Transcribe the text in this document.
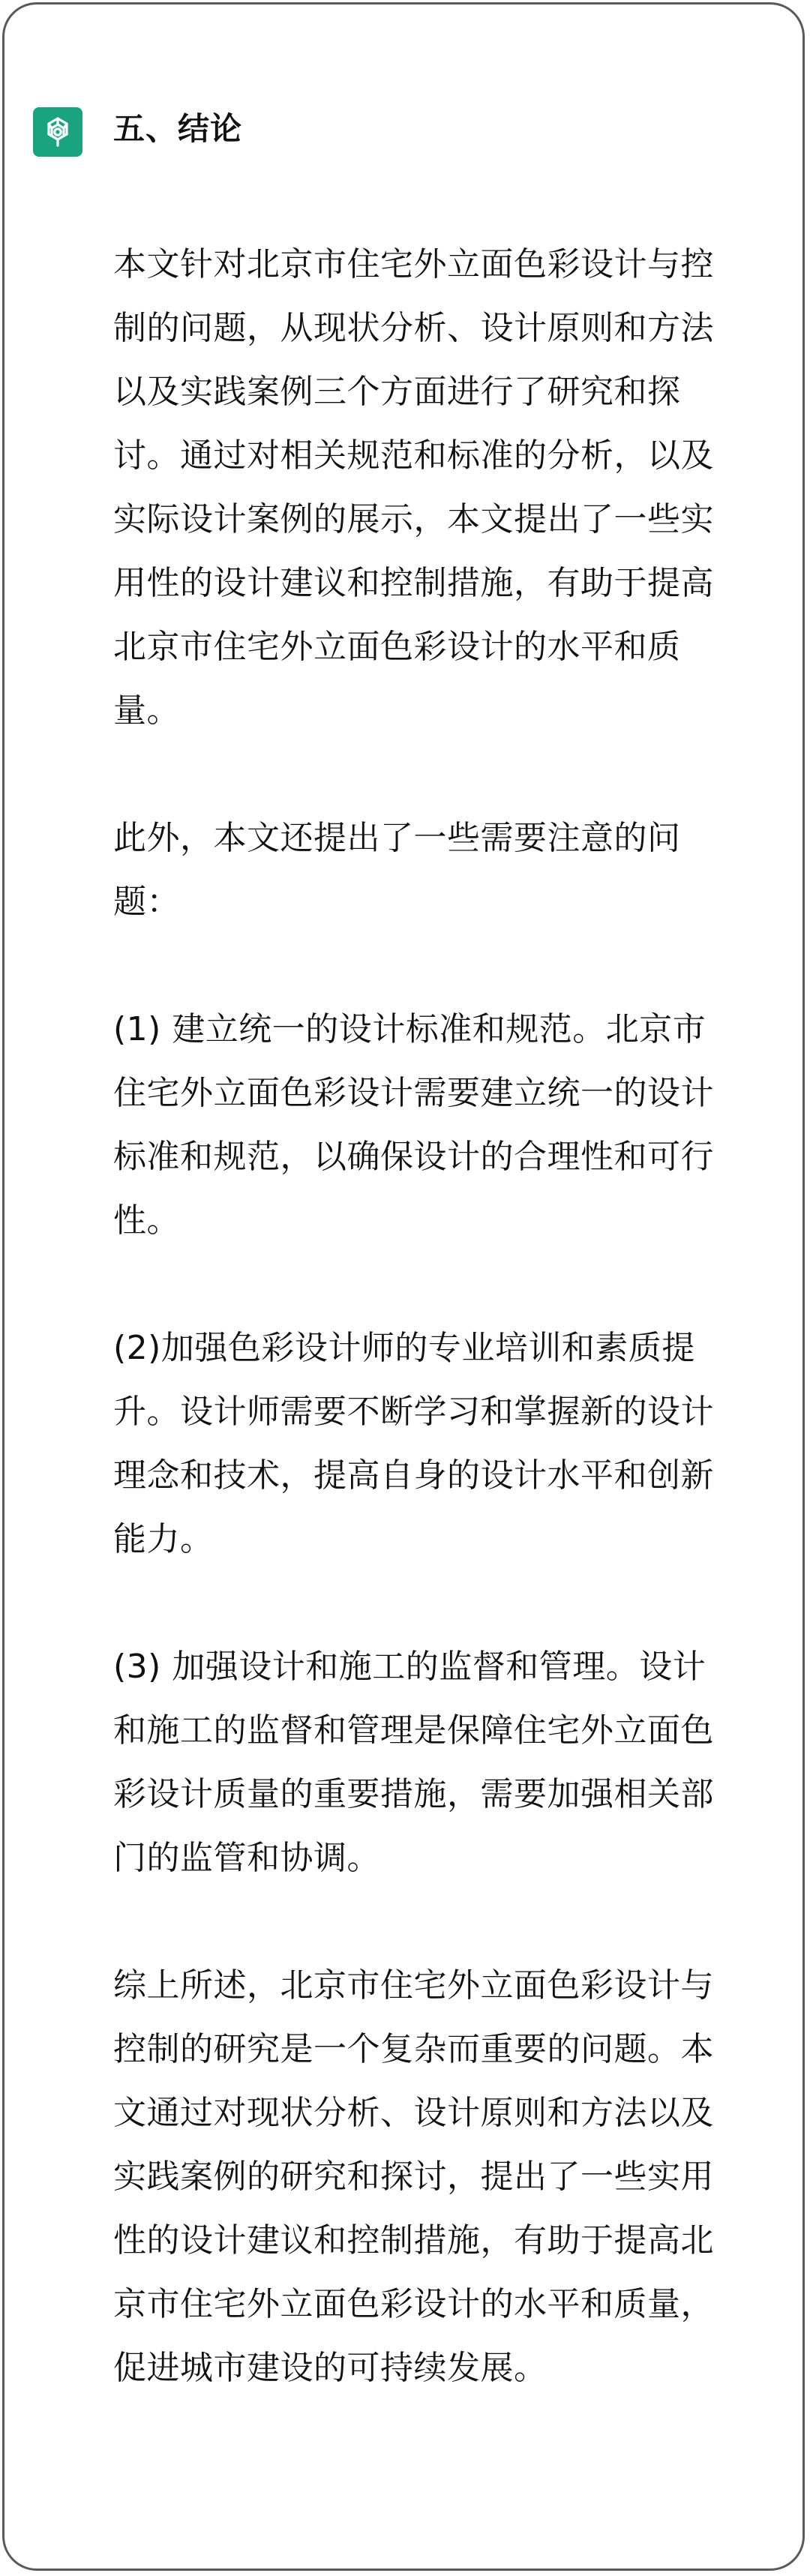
五、结论

本文针对北京市住宅外立面色彩设计与控制的问题，从现状分析、设计原则和方法以及实践案例三个方面进行了研究和探讨。通过对相关规范和标准的分析，以及实际设计案例的展示，本文提出了一些实用性的设计建议和控制措施，有助于提高北京市住宅外立面色彩设计的水平和质量。

此外，本文还提出了一些需要注意的问题：

(1) 建立统一的设计标准和规范。北京市住宅外立面色彩设计需要建立统一的设计标准和规范，以确保设计的合理性和可行性。

(2)加强色彩设计师的专业培训和素质提升。设计师需要不断学习和掌握新的设计理念和技术，提高自身的设计水平和创新能力。

(3) 加强设计和施工的监督和管理。设计和施工的监督和管理是保障住宅外立面色彩设计质量的重要措施，需要加强相关部门的监管和协调。

综上所述，北京市住宅外立面色彩设计与控制的研究是一个复杂而重要的问题。本文通过对现状分析、设计原则和方法以及实践案例的研究和探讨，提出了一些实用性的设计建议和控制措施，有助于提高北京市住宅外立面色彩设计的水平和质量，促进城市建设的可持续发展。
